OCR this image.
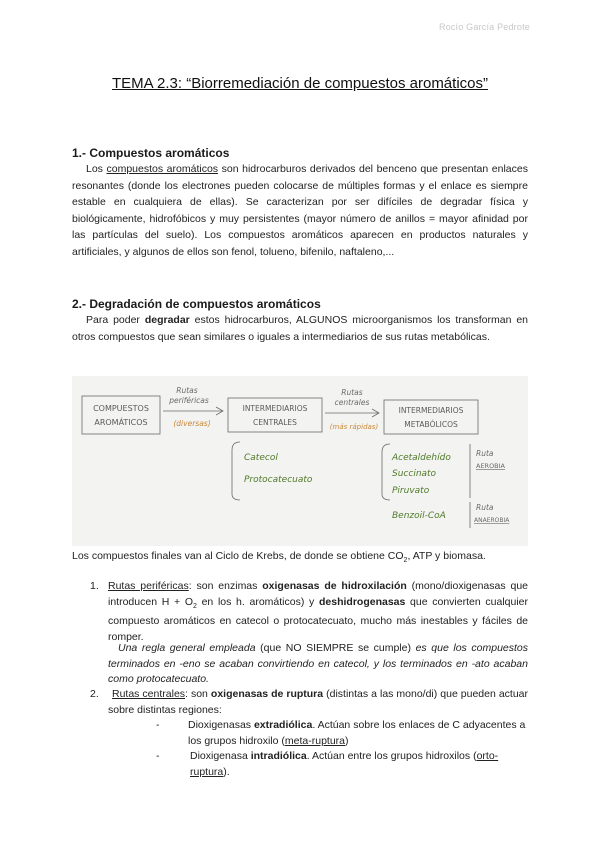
Rocío García Pedrote
TEMA 2.3: “Biorremediación de compuestos aromáticos”
1.- Compuestos aromáticos
Los compuestos aromáticos son hidrocarburos derivados del benceno que presentan enlaces resonantes (donde los electrones pueden colocarse de múltiples formas y el enlace es siempre estable en cualquiera de ellas). Se caracterizan por ser difíciles de degradar física y biológicamente, hidrofóbicos y muy persistentes (mayor número de anillos = mayor afinidad por las partículas del suelo). Los compuestos aromáticos aparecen en productos naturales y artificiales, y algunos de ellos son fenol, tolueno, bifenilo, naftaleno,...
2.- Degradación de compuestos aromáticos
Para poder degradar estos hidrocarburos, ALGUNOS microorganismos los transforman en otros compuestos que sean similares o iguales a intermediarios de sus rutas metabólicas.
COMPUESTOS
AROMÁTICOS
Rutas
periféricas
(diversas)
INTERMEDIARIOS
CENTRALES
Rutas
centrales
(más rápidas)
INTERMEDIARIOS
METABÓLICOS
Catecol
Protocatecuato
Acetaldehído
Succinato
Piruvato
Benzoil-CoA
Ruta
AEROBIA
Ruta
ANAEROBIA
Los compuestos finales van al Ciclo de Krebs, de donde se obtiene $CO_2$, ATP y biomasa.
1. Rutas periféricas: son enzimas oxigenasas de hidroxilación (mono/dioxigenasas que introducen $H + O_2$ en los h. aromáticos) y deshidrogenasas que convierten cualquier compuesto aromáticos en catecol o protocatecuato, mucho más inestables y fáciles de romper.
Una regla general empleada (que NO SIEMPRE se cumple) es que los compuestos terminados en -eno se acaban convirtiendo en catecol, y los terminados en -ato acaban como protocatecuato.
2.	Rutas centrales: son oxigenasas de ruptura (distintas a las mono/di) que pueden actuar sobre distintas regiones:
-	Dioxigenasas extradiólica. Actúan sobre los enlaces de C adyacentes a los grupos hidroxilo (meta-ruptura)
-	Dioxigenasa intradiólica. Actúan entre los grupos hidroxilos (orto-ruptura).
